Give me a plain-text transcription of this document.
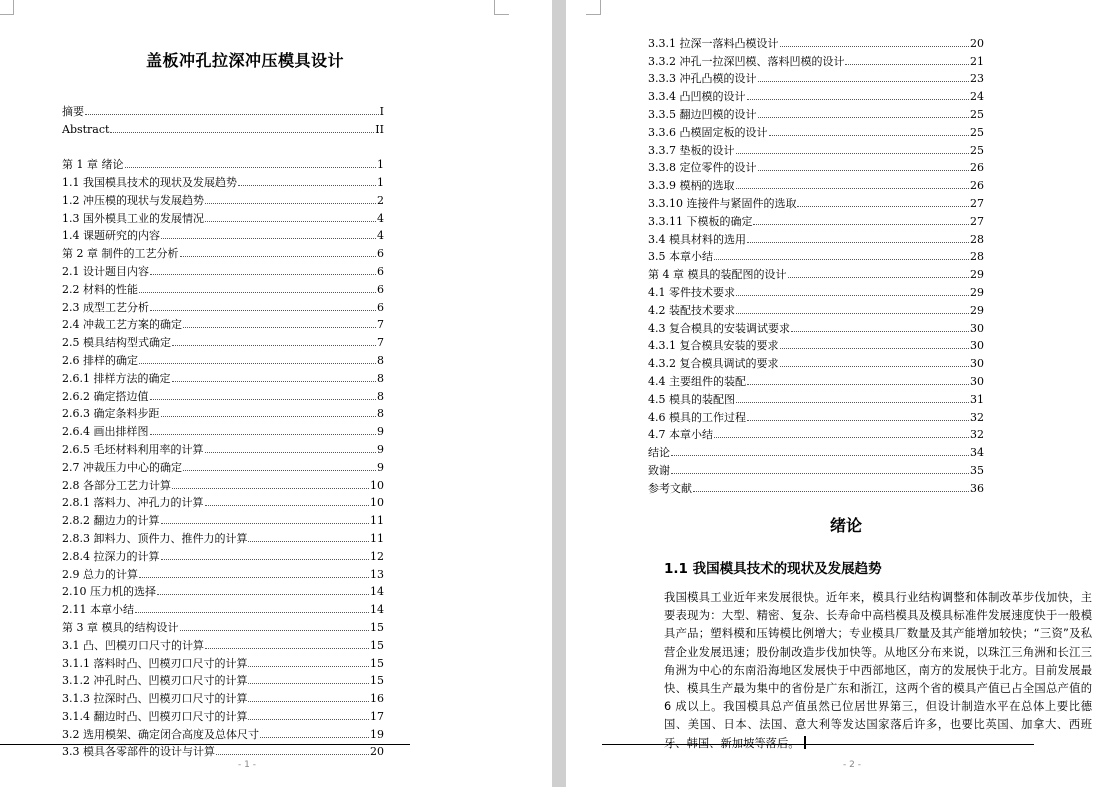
盖板冲孔拉深冲压模具设计
摘要	I
Abstract	II
第 1 章 绪论	1
1.1 我国模具技术的现状及发展趋势	1
1.2 冲压模的现状与发展趋势	2
1.3 国外模具工业的发展情况	4
1.4 课题研究的内容	4
第 2 章 制件的工艺分析	6
2.1 设计题目内容	6
2.2 材料的性能	6
2.3 成型工艺分析	6
2.4 冲裁工艺方案的确定	7
2.5 模具结构型式确定	7
2.6 排样的确定	8
2.6.1 排样方法的确定	8
2.6.2 确定搭边值	8
2.6.3 确定条料步距	8
2.6.4 画出排样图	9
2.6.5 毛坯材料利用率的计算	9
2.7 冲裁压力中心的确定	9
2.8 各部分工艺力计算	10
2.8.1 落料力、冲孔力的计算	10
2.8.2 翻边力的计算	11
2.8.3 卸料力、顶件力、推件力的计算	11
2.8.4 拉深力的计算	12
2.9 总力的计算	13
2.10 压力机的选择	14
2.11 本章小结	14
第 3 章 模具的结构设计	15
3.1 凸、凹模刃口尺寸的计算	15
3.1.1 落料时凸、凹模刃口尺寸的计算	15
3.1.2 冲孔时凸、凹模刃口尺寸的计算	15
3.1.3 拉深时凸、凹模刃口尺寸的计算	16
3.1.4 翻边时凸、凹模刃口尺寸的计算	17
3.2 选用模架、确定闭合高度及总体尺寸	19
3.3 模具各零部件的设计与计算	20
- 1 -
3.3.1 拉深一落料凸模设计	20
3.3.2 冲孔一拉深凹模、落料凹模的设计	21
3.3.3 冲孔凸模的设计	23
3.3.4 凸凹模的设计	24
3.3.5 翻边凹模的设计	25
3.3.6 凸模固定板的设计	25
3.3.7 垫板的设计	25
3.3.8 定位零件的设计	26
3.3.9 模柄的选取	26
3.3.10 连接件与紧固件的选取	27
3.3.11 下模板的确定	27
3.4 模具材料的选用	28
3.5 本章小结	28
第 4 章 模具的装配图的设计	29
4.1 零件技术要求	29
4.2 装配技术要求	29
4.3 复合模具的安装调试要求	30
4.3.1 复合模具安装的要求	30
4.3.2 复合模具调试的要求	30
4.4 主要组件的装配	30
4.5 模具的装配图	31
4.6 模具的工作过程	32
4.7 本章小结	32
结论	34
致谢	35
参考文献	36
绪论
1.1 我国模具技术的现状及发展趋势

我国模具工业近年来发展很快。近年来，模具行业结构调整和体制改革步伐加快，主要表现为：大型、精密、复杂、长寿命中高档模具及模具标准件发展速度快于一般模具产品；塑料模和压铸模比例增大；专业模具厂数量及其产能增加较快；“三资”及私营企业发展迅速；股份制改造步伐加快等。从地区分布来说，以珠江三角洲和长江三角洲为中心的东南沿海地区发展快于中西部地区，南方的发展快于北方。目前发展最快、模具生产最为集中的省份是广东和浙江，这两个省的模具产值已占全国总产值的 6 成以上。我国模具总产值虽然已位居世界第三，但设计制造水平在总体上要比德国、美国、日本、法国、意大利等发达国家落后许多，也要比英国、加拿大、西班牙、韩国、新加坡等落后。

- 2 -
